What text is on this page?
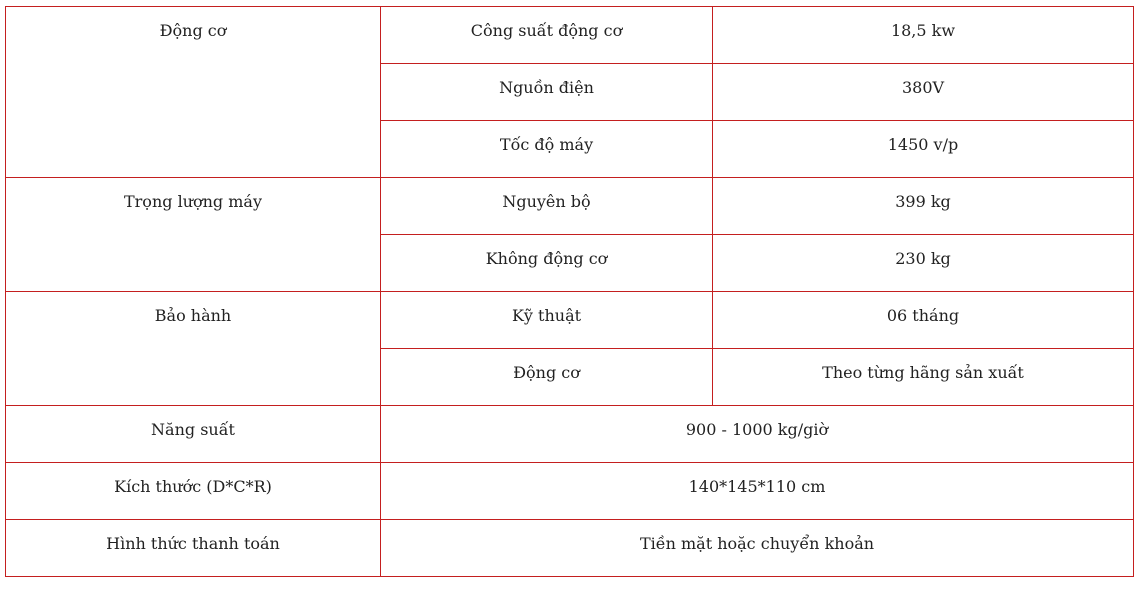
Động cơ	Công suất động cơ	18,5 kw
	Nguồn điện	380V
	Tốc độ máy	1450 v/p
Trọng lượng máy	Nguyên bộ	399 kg
	Không động cơ	230 kg
Bảo hành	Kỹ thuật	06 tháng
	Động cơ	Theo từng hãng sản xuất
Năng suất	900 - 1000 kg/giờ	
Kích thước (D*C*R)	140*145*110 cm	
Hình thức thanh toán	Tiền mặt hoặc chuyển khoản	
